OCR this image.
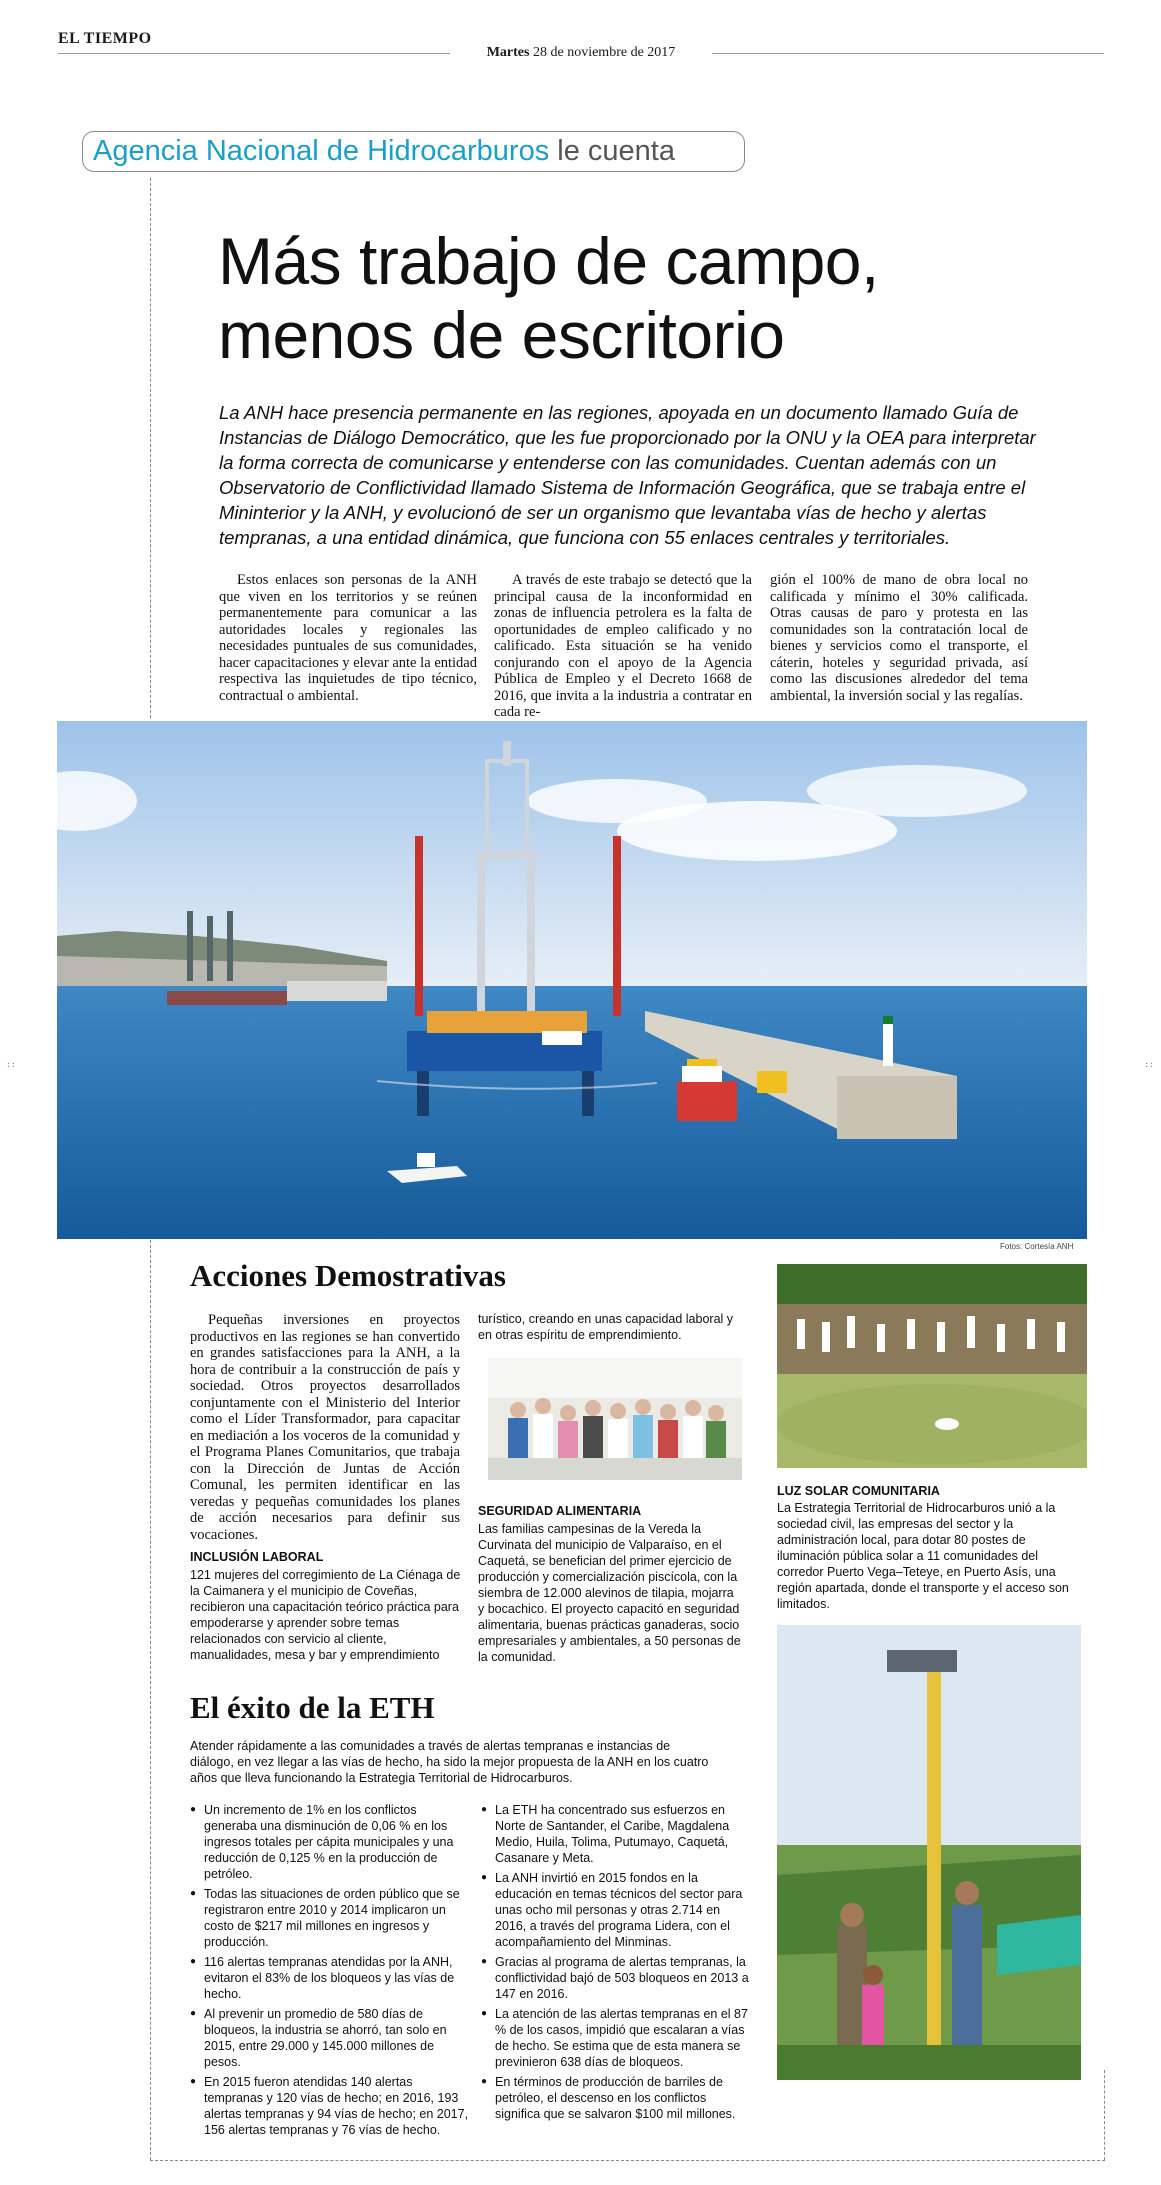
EL TIEMPO
Martes 28 de noviembre de 2017
Agencia Nacional de Hidrocarburos le cuenta
Más trabajo de campo,
menos de escritorio
La ANH hace presencia permanente en las regiones, apoyada en un documento llamado Guía de Instancias de Diálogo Democrático, que les fue proporcionado por la ONU y la OEA para interpretar la forma correcta de comunicarse y entenderse con las comunidades. Cuentan además con un Observatorio de Conflictividad llamado Sistema de Información Geográfica, que se trabaja entre el Mininterior y la ANH, y evolucionó de ser un organismo que levantaba vías de hecho y alertas tempranas, a una entidad dinámica, que funciona con 55 enlaces centrales y territoriales.

Estos enlaces son personas de la ANH que viven en los territorios y se reúnen permanentemente para comunicar a las autoridades locales y regionales las necesidades puntuales de sus comunidades, hacer capacitaciones y elevar ante la entidad respectiva las inquietudes de tipo técnico, contractual o ambiental.

A través de este trabajo se detectó que la principal causa de la inconformidad en zonas de influencia petrolera es la falta de oportunidades de empleo calificado y no calificado. Esta situación se ha venido conjurando con el apoyo de la Agencia Pública de Empleo y el Decreto 1668 de 2016, que invita a la industria a contratar en cada re-

gión el 100% de mano de obra local no calificada y mínimo el 30% calificada. Otras causas de paro y protesta en las comunidades son la contratación local de bienes y servicios como el transporte, el cáterin, hoteles y seguridad privada, así como las discusiones alrededor del tema ambiental, la inversión social y las regalías.

Fotos: Cortesía ANH
Acciones Demostrativas

Pequeñas inversiones en proyectos productivos en las regiones se han convertido en grandes satisfacciones para la ANH, a la hora de contribuir a la construcción de país y sociedad. Otros proyectos desarrollados conjuntamente con el Ministerio del Interior como el Líder Transformador, para capacitar en mediación a los voceros de la comunidad y el Programa Planes Comunitarios, que trabaja con la Dirección de Juntas de Acción Comunal, les permiten identificar en las veredas y pequeñas comunidades los planes de acción necesarios para definir sus vocaciones.

INCLUSIÓN LABORAL
121 mujeres del corregimiento de La Ciénaga de la Caimanera y el municipio de Coveñas, recibieron una capacitación teórico práctica para empoderarse y aprender sobre temas relacionados con servicio al cliente, manualidades, mesa y bar y emprendimiento
turístico, creando en unas capacidad laboral y en otras espíritu de emprendimiento.
SEGURIDAD ALIMENTARIA
Las familias campesinas de la Vereda la Curvinata del municipio de Valparaíso, en el Caquetá, se benefician del primer ejercicio de producción y comercialización piscícola, con la siembra de 12.000 alevinos de tilapia, mojarra y bocachico. El proyecto capacitó en seguridad alimentaria, buenas prácticas ganaderas, socio empresariales y ambientales, a 50 personas de la comunidad.
LUZ SOLAR COMUNITARIA
La Estrategia Territorial de Hidrocarburos unió a la sociedad civil, las empresas del sector y la administración local, para dotar 80 postes de iluminación pública solar a 11 comunidades del corredor Puerto Vega–Teteye, en Puerto Asís, una región apartada, donde el transporte y el acceso son limitados.
El éxito de la ETH
Atender rápidamente a las comunidades a través de alertas tempranas e instancias de diálogo, en vez llegar a las vías de hecho, ha sido la mejor propuesta de la ANH en los cuatro años que lleva funcionando la Estrategia Territorial de Hidrocarburos.
● Un incremento de 1% en los conflictos generaba una disminución de 0,06 % en los ingresos totales per cápita municipales y una reducción de 0,125 % en la producción de petróleo.
● Todas las situaciones de orden público que se registraron entre 2010 y 2014 implicaron un costo de $217 mil millones en ingresos y producción.
● 116 alertas tempranas atendidas por la ANH, evitaron el 83% de los bloqueos y las vías de hecho.
● Al prevenir un promedio de 580 días de bloqueos, la industria se ahorró, tan solo en 2015, entre 29.000 y 145.000 millones de pesos.
● En 2015 fueron atendidas 140 alertas tempranas y 120 vías de hecho; en 2016, 193 alertas tempranas y 94 vías de hecho; en 2017, 156 alertas tempranas y 76 vías de hecho.
● La ETH ha concentrado sus esfuerzos en Norte de Santander, el Caribe, Magdalena Medio, Huila, Tolima, Putumayo, Caquetá, Casanare y Meta.
● La ANH invirtió en 2015 fondos en la educación en temas técnicos del sector para unas ocho mil personas y otras 2.714 en 2016, a través del programa Lidera, con el acompañamiento del Minminas.
● Gracias al programa de alertas tempranas, la conflictividad bajó de 503 bloqueos en 2013 a 147 en 2016.
● La atención de las alertas tempranas en el 87 % de los casos, impidió que escalaran a vías de hecho. Se estima que de esta manera se previnieron 638 días de bloqueos.
● En términos de producción de barriles de petróleo, el descenso en los conflictos significa que se salvaron $100 mil millones.
::	::
